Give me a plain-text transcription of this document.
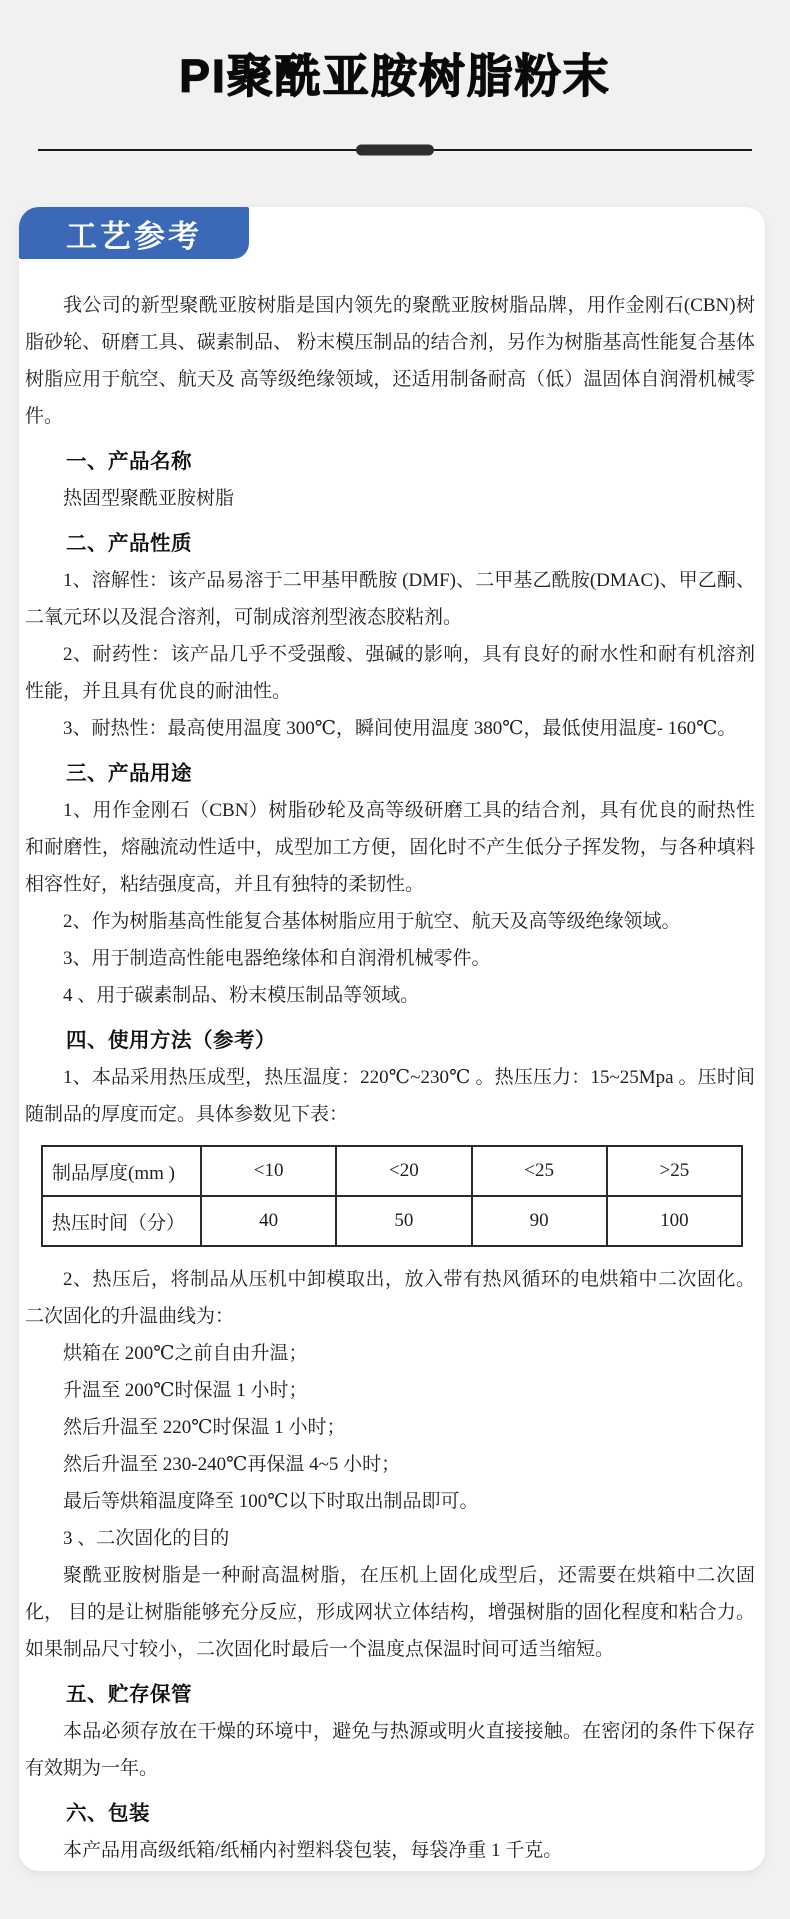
PI聚酰亚胺树脂粉末
工艺参考

我公司的新型聚酰亚胺树脂是国内领先的聚酰亚胺树脂品牌，用作金刚石(CBN)树脂砂轮、研磨工具、碳素制品、 粉末模压制品的结合剂，另作为树脂基高性能复合基体树脂应用于航空、航天及 高等级绝缘领域，还适用制备耐高（低）温固体自润滑机械零件。

一、产品名称

热固型聚酰亚胺树脂

二、产品性质

1、溶解性：该产品易溶于二甲基甲酰胺 (DMF)、二甲基乙酰胺(DMAC)、甲乙酮、二氧元环以及混合溶剂，可制成溶剂型液态胶粘剂。

2、耐药性：该产品几乎不受强酸、强碱的影响，具有良好的耐水性和耐有机溶剂性能，并且具有优良的耐油性。

3、耐热性：最高使用温度 300℃，瞬间使用温度 380℃，最低使用温度- 160℃。

三、产品用途

1、用作金刚石（CBN）树脂砂轮及高等级研磨工具的结合剂，具有优良的耐热性和耐磨性，熔融流动性适中，成型加工方便，固化时不产生低分子挥发物，与各种填料相容性好，粘结强度高，并且有独特的柔韧性。

2、作为树脂基高性能复合基体树脂应用于航空、航天及高等级绝缘领域。

3、用于制造高性能电器绝缘体和自润滑机械零件。

4 、用于碳素制品、粉末模压制品等领域。

四、使用方法（参考）

1、本品采用热压成型，热压温度：220℃~230℃ 。热压压力：15~25Mpa 。压时间随制品的厚度而定。具体参数见下表：

制品厚度(mm )	<10	<20	<25	>25
热压时间（分）	40	50	90	100

2、热压后，将制品从压机中卸模取出，放入带有热风循环的电烘箱中二次固化。二次固化的升温曲线为：

烘箱在 200℃之前自由升温；

升温至 200℃时保温 1 小时；

然后升温至 220℃时保温 1 小时；

然后升温至 230-240℃再保温 4~5 小时；

最后等烘箱温度降至 100℃以下时取出制品即可。

3 、二次固化的目的

聚酰亚胺树脂是一种耐高温树脂，在压机上固化成型后，还需要在烘箱中二次固化， 目的是让树脂能够充分反应，形成网状立体结构，增强树脂的固化程度和粘合力。如果制品尺寸较小，二次固化时最后一个温度点保温时间可适当缩短。

五、贮存保管

本品必须存放在干燥的环境中，避免与热源或明火直接接触。在密闭的条件下保存有效期为一年。

六、包装

本产品用高级纸箱/纸桶内衬塑料袋包装，每袋净重 1 千克。
